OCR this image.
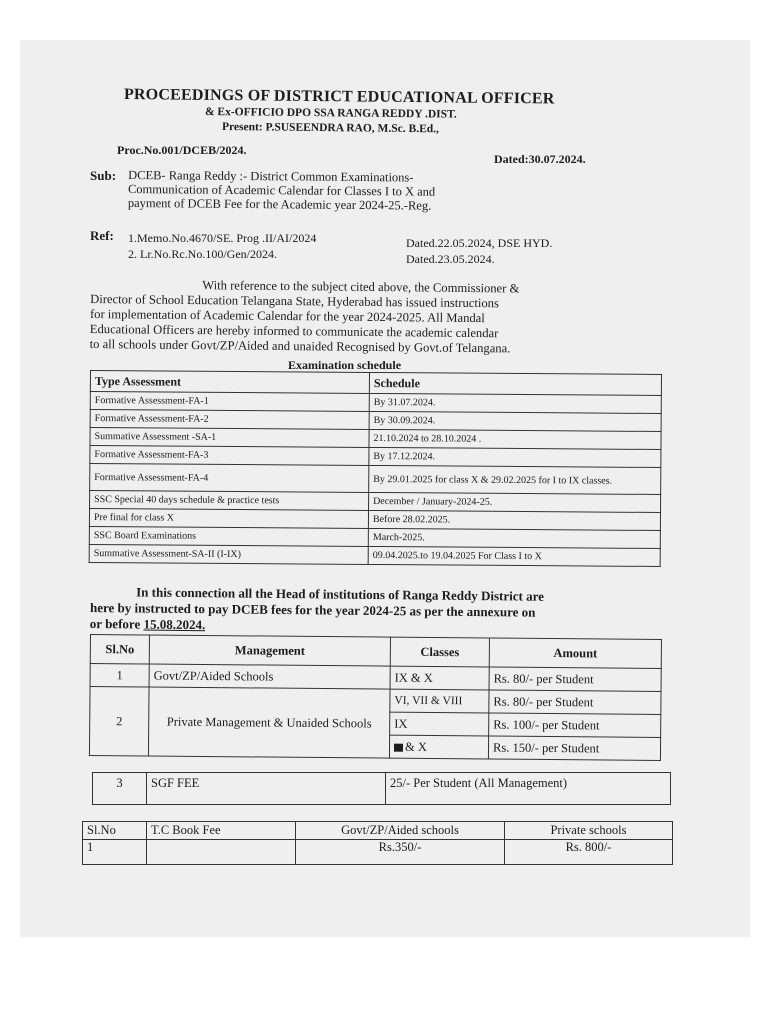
PROCEEDINGS OF DISTRICT EDUCATIONAL OFFICER
& Ex-OFFICIO DPO SSA RANGA REDDY .DIST.
Present: P.SUSEENDRA RAO, M.Sc. B.Ed.,
Proc.No.001/DCEB/2024.
Dated:30.07.2024.
Sub: DCEB- Ranga Reddy :- District Common Examinations-
Communication of Academic Calendar for Classes I to X and
payment of DCEB Fee for the Academic year 2024-25.-Reg.
Ref: 1.Memo.No.4670/SE. Prog .II/AI/2024	Dated.22.05.2024, DSE HYD.
2. Lr.No.Rc.No.100/Gen/2024.	Dated.23.05.2024.
With reference to the subject cited above, the Commissioner &
Director of School Education Telangana State, Hyderabad has issued instructions
for implementation of Academic Calendar for the year 2024-2025. All Mandal
Educational Officers are hereby informed to communicate the academic calendar
to all schools under Govt/ZP/Aided and unaided Recognised by Govt.of Telangana.
Examination schedule
Type Assessment	Schedule
Formative Assessment-FA-1	By 31.07.2024.
Formative Assessment-FA-2	By 30.09.2024.
Summative Assessment -SA-1	21.10.2024 to 28.10.2024 .
Formative Assessment-FA-3	By 17.12.2024.
Formative Assessment-FA-4	By 29.01.2025 for class X & 29.02.2025 for I to IX classes.
SSC Special 40 days schedule & practice tests	December / January-2024-25.
Pre final for class X	Before 28.02.2025.
SSC Board Examinations	March-2025.
Summative Assessment-SA-II (I-IX)	09.04.2025.to 19.04.2025 For Class I to X
In this connection all the Head of institutions of Ranga Reddy District are
here by instructed to pay DCEB fees for the year 2024-25 as per the annexure on
or before 15.08.2024.
Sl.No	Management	Classes	Amount
1	Govt/ZP/Aided Schools	IX & X	Rs. 80/- per Student
2	Private Management & Unaided Schools	VI, VII & VIII	Rs. 80/- per Student
		IX	Rs. 100/- per Student
		& X	Rs. 150/- per Student
3	SGF FEE	25/- Per Student (All Management)
Sl.No	T.C Book Fee	Govt/ZP/Aided schools	Private schools
1		Rs.350/-	Rs. 800/-
